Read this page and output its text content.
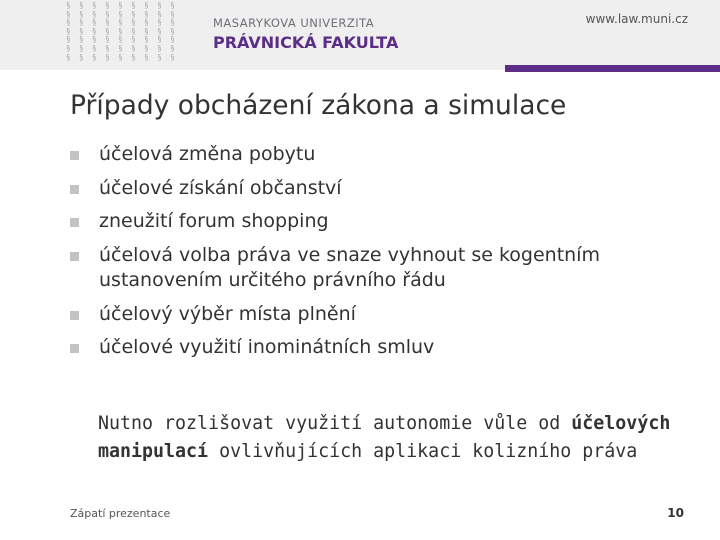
§ § § § § § § § §
§ § § § § § § § §
§ § § § § § § § §
§ § § § § § § § §
§ § § § § § § § §
§ § § § § § § § §
§ § § § § § § § §
MASARYKOVA UNIVERZITA
PRÁVNICKÁ FAKULTA
www.law.muni.cz
Případy obcházení zákona a simulace
účelová změna pobytu
účelové získání občanství
zneužití forum shopping
účelová volba práva ve snaze vyhnout se kogentním ustanovením určitého právního řádu
účelový výběr místa plnění
účelové využití inominátních smluv
Nutno rozlišovat využití autonomie vůle od účelových manipulací ovlivňujících aplikaci kolizního práva
Zápatí prezentace	10
